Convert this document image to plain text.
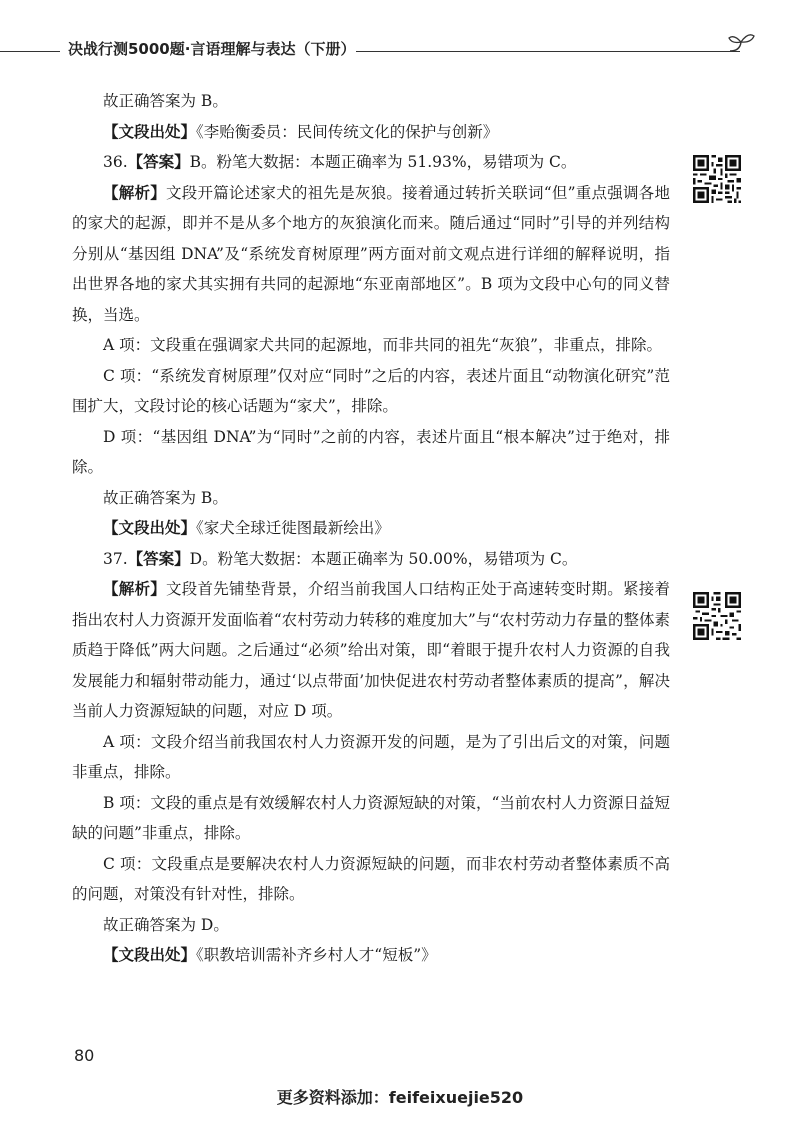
决战行测5000题·言语理解与表达（下册）

故正确答案为 B。

【文段出处】《李贻衡委员：民间传统文化的保护与创新》

36.【答案】B。粉笔大数据：本题正确率为 51.93%，易错项为 C。

【解析】文段开篇论述家犬的祖先是灰狼。接着通过转折关联词“但”重点强调各地的家犬的起源，即并不是从多个地方的灰狼演化而来。随后通过“同时”引导的并列结构分别从“基因组 DNA”及“系统发育树原理”两方面对前文观点进行详细的解释说明，指出世界各地的家犬其实拥有共同的起源地“东亚南部地区”。B 项为文段中心句的同义替换，当选。

A 项：文段重在强调家犬共同的起源地，而非共同的祖先“灰狼”，非重点，排除。

C 项：“系统发育树原理”仅对应“同时”之后的内容，表述片面且“动物演化研究”范围扩大，文段讨论的核心话题为“家犬”，排除。

D 项：“基因组 DNA”为“同时”之前的内容，表述片面且“根本解决”过于绝对，排除。

故正确答案为 B。

【文段出处】《家犬全球迁徙图最新绘出》

37.【答案】D。粉笔大数据：本题正确率为 50.00%，易错项为 C。

【解析】文段首先铺垫背景，介绍当前我国人口结构正处于高速转变时期。紧接着指出农村人力资源开发面临着“农村劳动力转移的难度加大”与“农村劳动力存量的整体素质趋于降低”两大问题。之后通过“必须”给出对策，即“着眼于提升农村人力资源的自我发展能力和辐射带动能力，通过‘以点带面’加快促进农村劳动者整体素质的提高”，解决当前人力资源短缺的问题，对应 D 项。

A 项：文段介绍当前我国农村人力资源开发的问题，是为了引出后文的对策，问题非重点，排除。

B 项：文段的重点是有效缓解农村人力资源短缺的对策，“当前农村人力资源日益短缺的问题”非重点，排除。

C 项：文段重点是要解决农村人力资源短缺的问题，而非农村劳动者整体素质不高的问题，对策没有针对性，排除。

故正确答案为 D。

【文段出处】《职教培训需补齐乡村人才“短板”》

80
更多资料添加：feifeixuejie520
